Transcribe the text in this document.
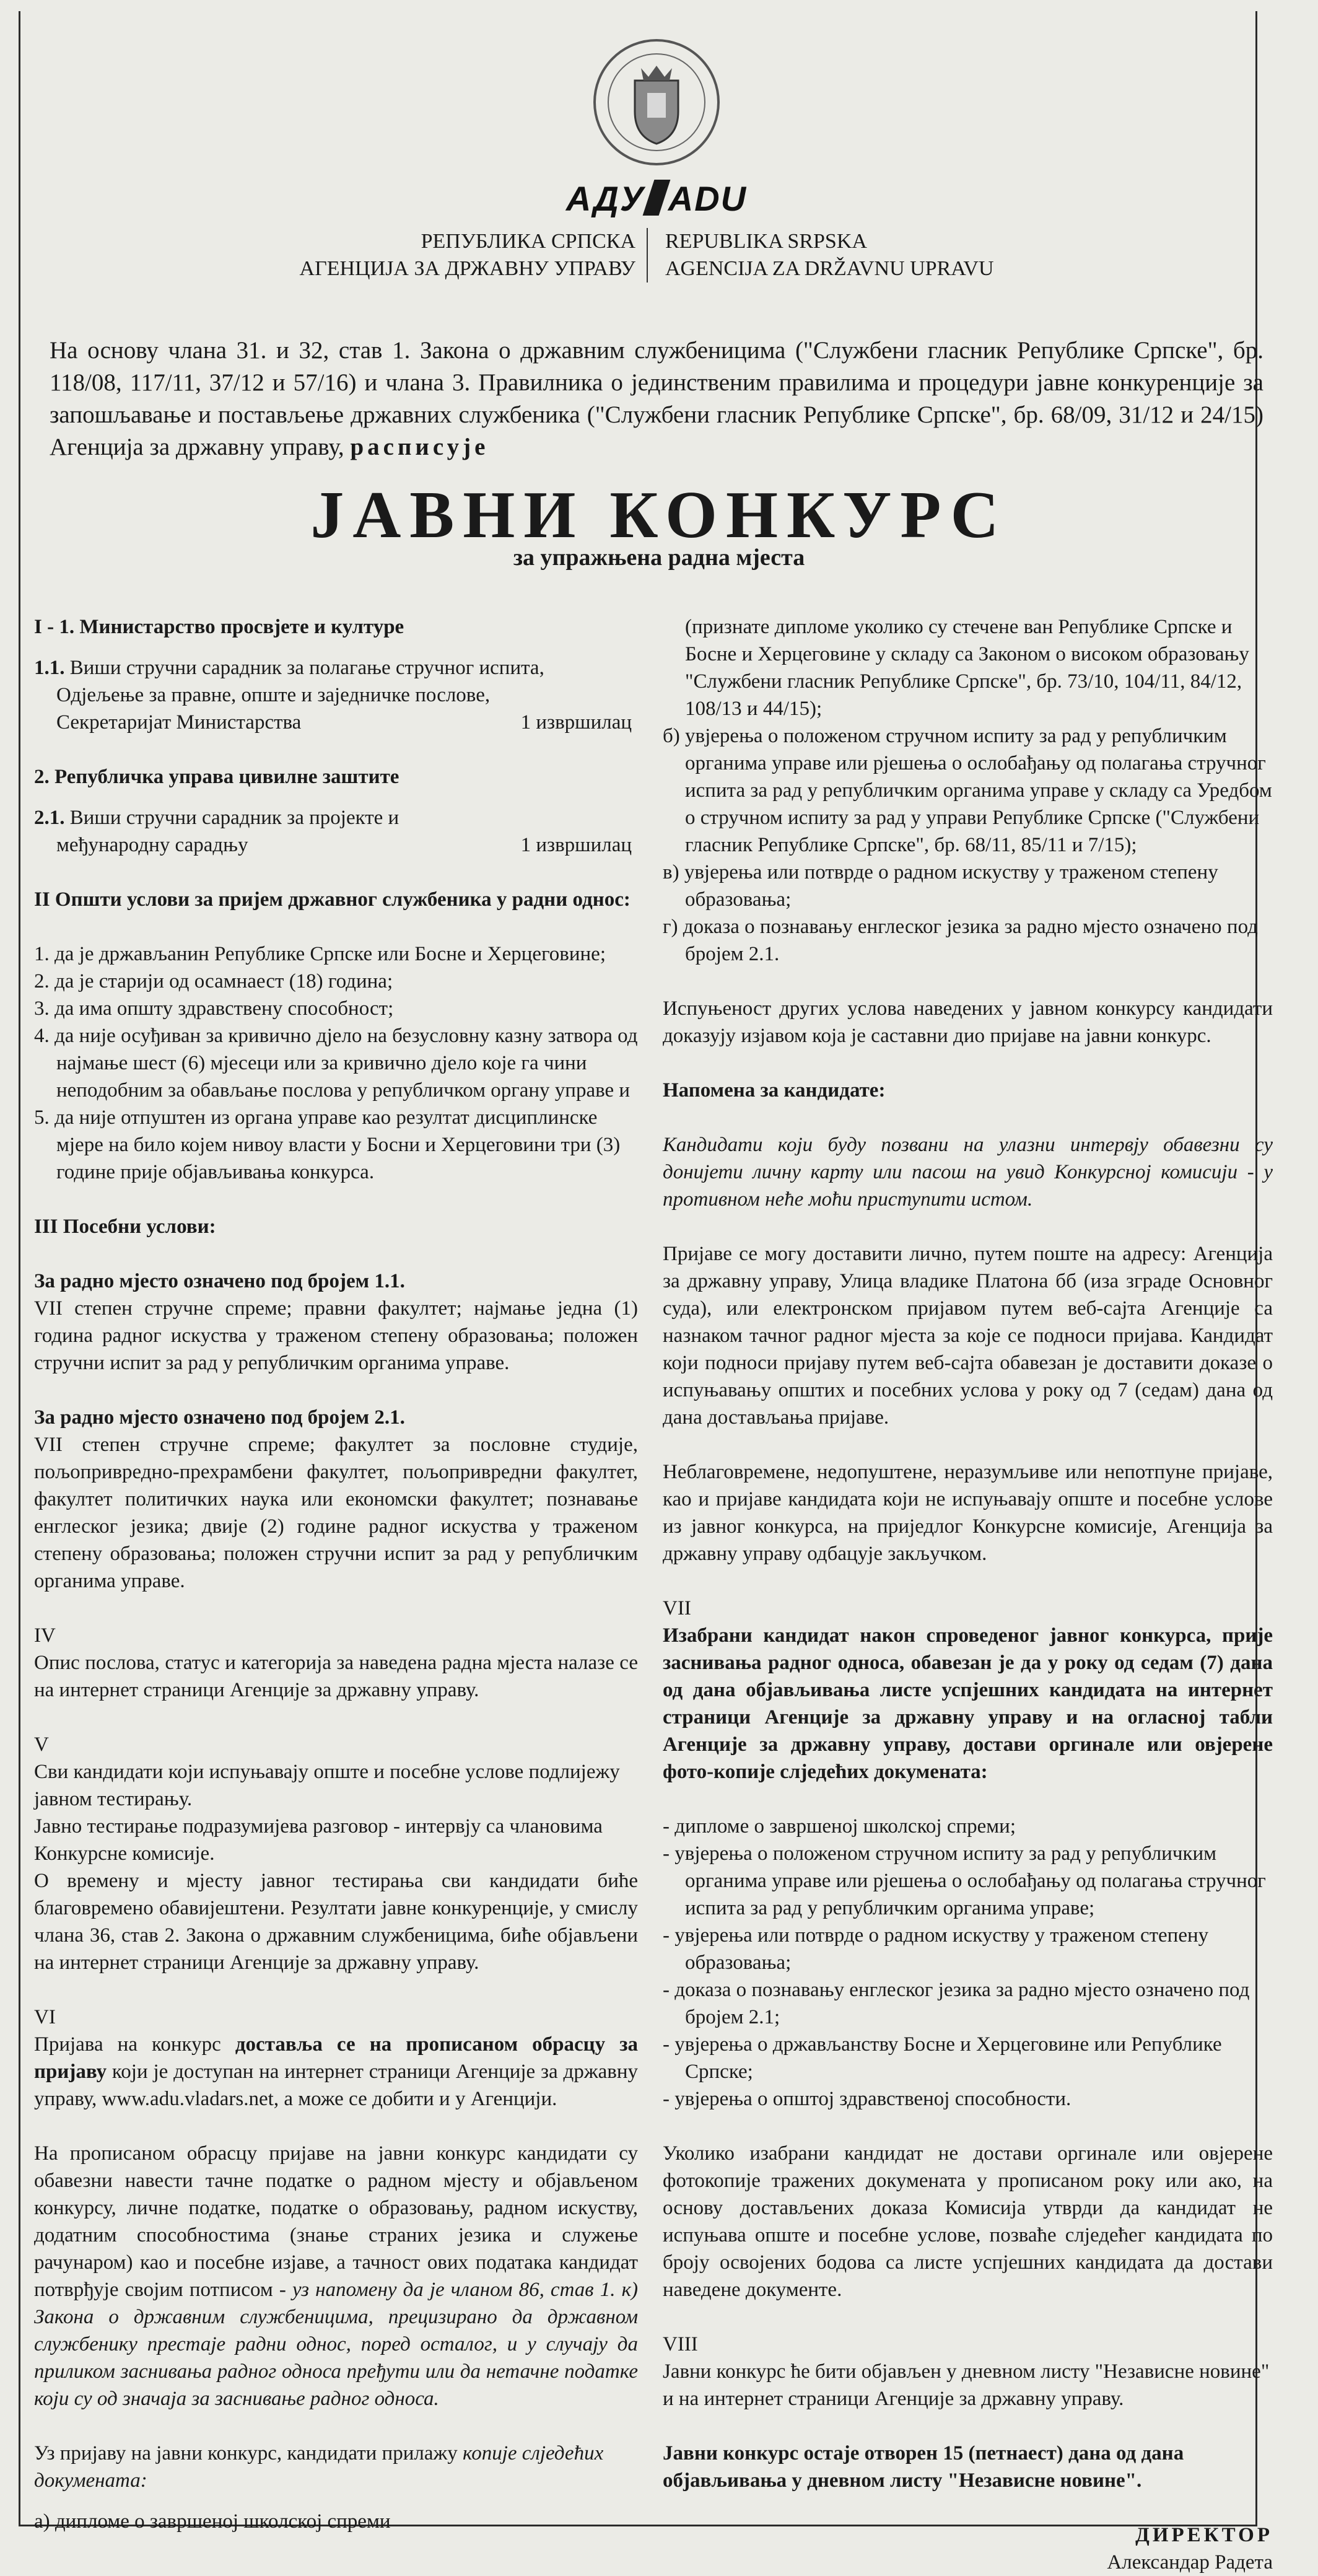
АДУ ADU
РЕПУБЛИКА СРПСКА
АГЕНЦИЈА ЗА ДРЖАВНУ УПРАВУ
REPUBLIKA SRPSKA
AGENCIJA ZA DRŽAVNU UPRAVU
На основу члана 31. и 32, став 1. Закона о државним службеницима ("Службени гласник Републике Српске", бр. 118/08, 117/11, 37/12 и 57/16) и члана 3. Правилника о јединственим правилима и процедури јавне конкуренције за запошљавање и постављење државних службеника ("Службени гласник Републике Српске", бр. 68/09, 31/12 и 24/15) Агенција за државну управу, расписује
ЈАВНИ КОНКУРС
за упражњена радна мјеста

I - 1. Министарство просвјете и културе

1.1. Виши стручни сарадник за полагање стручног испита,

Одјељење за правне, опште и заједничке послове,

Секретаријат Министарства	1 извршилац

2. Републичка управа цивилне заштите

2.1. Виши стручни сарадник за пројекте и

међународну сарадњу	1 извршилац

II Општи услови за пријем државног службеника у радни однос:

1. да је држављанин Републике Српске или Босне и Херцеговине;

2. да је старији од осамнаест (18) година;

3. да има општу здравствену способност;

4. да није осуђиван за кривично дјело на безусловну казну затвора од најмање шест (6) мјесеци или за кривично дјело које га чини неподобним за обављање послова у републичком органу управе и

5. да није отпуштен из органа управе као резултат дисциплинске мјере на било којем нивоу власти у Босни и Херцеговини три (3) године прије објављивања конкурса.

III Посебни услови:

За радно мјесто означено под бројем 1.1.

VII степен стручне спреме; правни факултет; најмање једна (1) година радног искуства у траженом степену образовања; положен стручни испит за рад у републичким органима управе.

За радно мјесто означено под бројем 2.1.

VII степен стручне спреме; факултет за пословне студије, пољопривредно-прехрамбени факултет, пољопривредни факултет, факултет политичких наука или економски факултет; познавање енглеског језика; двије (2) године радног искуства у траженом степену образовања; положен стручни испит за рад у републичким органима управе.

IV

Опис послова, статус и категорија за наведена радна мјеста налазе се на интернет страници Агенције за државну управу.

V

Сви кандидати који испуњавају опште и посебне услове подлијежу јавном тестирању.

Јавно тестирање подразумијева разговор - интервју са члановима Конкурсне комисије.

О времену и мјесту јавног тестирања сви кандидати биће благовремено обавијештени. Резултати јавне конкуренције, у смислу члана 36, став 2. Закона о државним службеницима, биће објављени на интернет страници Агенције за државну управу.

VI

Пријава на конкурс доставља се на прописаном обрасцу за пријаву који је доступан на интернет страници Агенције за државну управу, www.adu.vladars.net, а може се добити и у Агенцији.

На прописаном обрасцу пријаве на јавни конкурс кандидати су обавезни навести тачне податке о радном мјесту и објављеном конкурсу, личне податке, податке о образовању, радном искуству, додатним способностима (знање страних језика и служење рачунаром) као и посебне изјаве, а тачност ових података кандидат потврђује својим потписом - уз напомену да је чланом 86, став 1. к) Закона о државним службеницима, прецизирано да државном службенику престаје радни однос, поред осталог, и у случају да приликом заснивања радног односа пређути или да нетачне податке који су од значаја за заснивање радног односа.

Уз пријаву на јавни конкурс, кандидати прилажу копије слједећих докумената:

а) дипломе о завршеној школској спреми

(признате дипломе уколико су стечене ван Републике Српске и Босне и Херцеговине у складу са Законом о високом образовању "Службени гласник Републике Српске", бр. 73/10, 104/11, 84/12, 108/13 и 44/15);

б) увјерења о положеном стручном испиту за рад у републичким органима управе или рјешења о ослобађању од полагања стручног испита за рад у републичким органима управе у складу са Уредбом о стручном испиту за рад у управи Републике Српске ("Службени гласник Републике Српске", бр. 68/11, 85/11 и 7/15);

в) увјерења или потврде о радном искуству у траженом степену образовања;

г) доказа о познавању енглеског језика за радно мјесто означено под бројем 2.1.

Испуњеност других услова наведених у јавном конкурсу кандидати доказују изјавом која је саставни дио пријаве на јавни конкурс.

Напомена за кандидате:

Кандидати који буду позвани на улазни интервју обавезни су донијети личну карту или пасош на увид Конкурсној комисији - у противном неће моћи приступити истом.

Пријаве се могу доставити лично, путем поште на адресу: Агенција за државну управу, Улица владике Платона бб (иза зграде Основног суда), или електронском пријавом путем веб-сајта Агенције са назнаком тачног радног мјеста за које се подноси пријава. Кандидат који подноси пријаву путем веб-сајта обавезан је доставити доказе о испуњавању општих и посебних услова у року од 7 (седам) дана од дана достављања пријаве.

Неблаговремене, недопуштене, неразумљиве или непотпуне пријаве, као и пријаве кандидата који не испуњавају опште и посебне услове из јавног конкурса, на приједлог Конкурсне комисије, Агенција за државну управу одбацује закључком.

VII

Изабрани кандидат након спроведеног јавног конкурса, прије заснивања радног односа, обавезан је да у року од седам (7) дана од дана објављивања листе успјешних кандидата на интернет страници Агенције за државну управу и на огласној табли Агенције за државну управу, достави оргинале или овјерене фото-копије слједећих докумената:

- дипломе о завршеној школској спреми;

- увјерења о положеном стручном испиту за рад у републичким органима управе или рјешења о ослобађању од полагања стручног испита за рад у републичким органима управе;

- увјерења или потврде о радном искуству у траженом степену образовања;

- доказа о познавању енглеског језика за радно мјесто означено под бројем 2.1;

- увјерења о држављанству Босне и Херцеговине или Републике Српске;

- увјерења о општој здравственој способности.

Уколико изабрани кандидат не достави оргинале или овјерене фотокопије тражених докумената у прописаном року или ако, на основу достављених доказа Комисија утврди да кандидат не испуњава опште и посебне услове, позваће слједећег кандидата по броју освојених бодова са листе успјешних кандидата да достави наведене документе.

VIII

Јавни конкурс ће бити објављен у дневном листу "Независне новине" и на интернет страници Агенције за државну управу.

Јавни конкурс остаје отворен 15 (петнаест) дана од дана објављивања у дневном листу "Независне новине".

ДИРЕКТОР
Александар Радета
